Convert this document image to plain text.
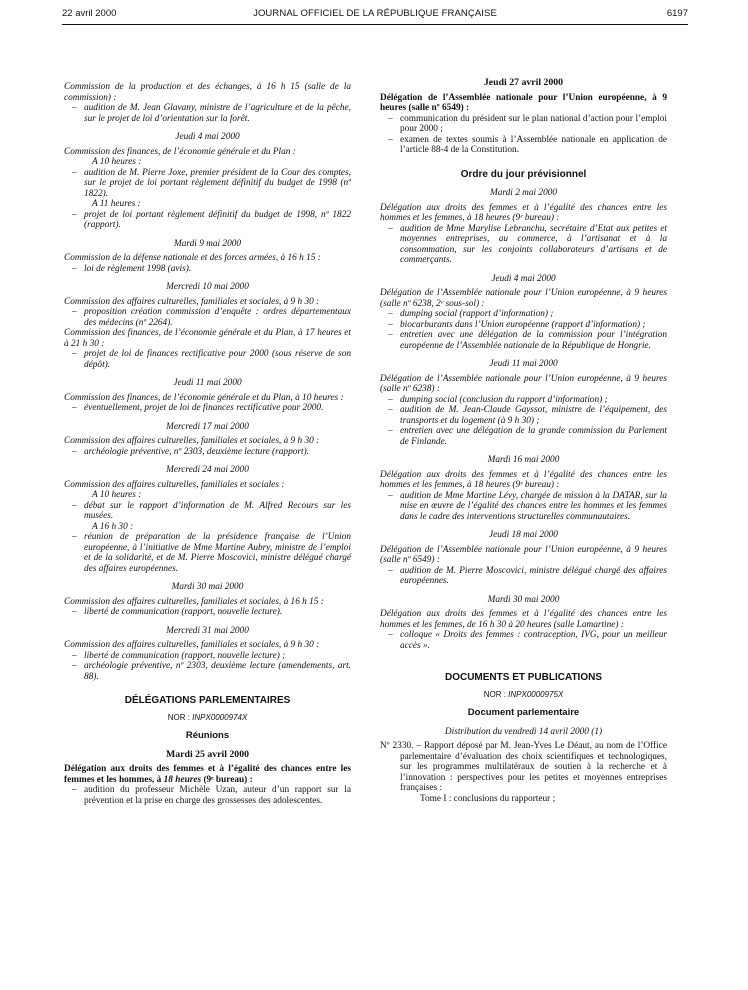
22 avril 2000	JOURNAL OFFICIEL DE LA RÉPUBLIQUE FRANÇAISE	6197
Commission de la production et des échanges, à 16 h 15 (salle de la commission) :
– audition de M. Jean Glavany, ministre de l’agriculture et de la pêche, sur le projet de loi d’orientation sur la forêt.
Jeudi 4 mai 2000
Commission des finances, de l’économie générale et du Plan :
A 10 heures :
– audition de M. Pierre Joxe, premier président de la Cour des comptes, sur le projet de loi portant règlement définitif du budget de 1998 (nº 1822).
A 11 heures :
– projet de loi portant règlement définitif du budget de 1998, nº 1822 (rapport).
Mardi 9 mai 2000
Commission de la défense nationale et des forces armées, à 16 h 15 :
– loi de règlement 1998 (avis).
Mercredi 10 mai 2000
Commission des affaires culturelles, familiales et sociales, à 9 h 30 :
– proposition création commission d’enquête : ordres départementaux des médecins (nº 2264).
Commission des finances, de l’économie générale et du Plan, à 17 heures et à 21 h 30 :
– projet de loi de finances rectificative pour 2000 (sous réserve de son dépôt).
Jeudi 11 mai 2000
Commission des finances, de l’économie générale et du Plan, à 10 heures :
– éventuellement, projet de loi de finances rectificative pour 2000.
Mercredi 17 mai 2000
Commission des affaires culturelles, familiales et sociales, à 9 h 30 :
– archéologie préventive, nº 2303, deuxième lecture (rapport).
Mercredi 24 mai 2000
Commission des affaires culturelles, familiales et sociales :
A 10 heures :
– débat sur le rapport d’information de M. Alfred Recours sur les musées.
A 16 h 30 :
– réunion de préparation de la présidence française de l’Union européenne, à l’initiative de Mme Martine Aubry, ministre de l’emploi et de la solidarité, et de M. Pierre Moscovici, ministre délégué chargé des affaires européennes.
Mardi 30 mai 2000
Commission des affaires culturelles, familiales et sociales, à 16 h 15 :
– liberté de communication (rapport, nouvelle lecture).
Mercredi 31 mai 2000
Commission des affaires culturelles, familiales et sociales, à 9 h 30 :
– liberté de communication (rapport, nouvelle lecture) ;
– archéologie préventive, nº 2303, deuxième lecture (amendements, art. 88).
DÉLÉGATIONS PARLEMENTAIRES
NOR : INPX0000974X
Réunions
Mardi 25 avril 2000
Délégation aux droits des femmes et à l’égalité des chances entre les femmes et les hommes, à 18 heures (9ᵉ bureau) :
– audition du professeur Michèle Uzan, auteur d’un rapport sur la prévention et la prise en charge des grossesses des adolescentes.
Jeudi 27 avril 2000
Délégation de l’Assemblée nationale pour l’Union européenne, à 9 heures (salle nº 6549) :
– communication du président sur le plan national d’action pour l’emploi pour 2000 ;
– examen de textes soumis à l’Assemblée nationale en application de l’article 88-4 de la Constitution.
Ordre du jour prévisionnel
Mardi 2 mai 2000
Délégation aux droits des femmes et à l’égalité des chances entre les hommes et les femmes, à 18 heures (9ᵉ bureau) :
– audition de Mme Marylise Lebranchu, secrétaire d’Etat aux petites et moyennes entreprises, au commerce, à l’artisanat et à la consommation, sur les conjoints collaborateurs d’artisans et de commerçants.
Jeudi 4 mai 2000
Délégation de l’Assemblée nationale pour l’Union européenne, à 9 heures (salle nº 6238, 2ᵉ sous-sol) :
– dumping social (rapport d’information) ;
– biocarburants dans l’Union européenne (rapport d’information) ;
– entretien avec une délégation de la commission pour l’intégration européenne de l’Assemblée nationale de la République de Hongrie.
Jeudi 11 mai 2000
Délégation de l’Assemblée nationale pour l’Union européenne, à 9 heures (salle nº 6238) :
– dumping social (conclusion du rapport d’information) ;
– audition de M. Jean-Claude Gayssot, ministre de l’équipement, des transports et du logement (à 9 h 30) ;
– entretien avec une délégation de la grande commission du Parlement de Finlande.
Mardi 16 mai 2000
Délégation aux droits des femmes et à l’égalité des chances entre les hommes et les femmes, à 18 heures (9ᵉ bureau) :
– audition de Mme Martine Lévy, chargée de mission à la DATAR, sur la mise en œuvre de l’égalité des chances entre les hommes et les femmes dans le cadre des interventions structurelles communautaires.
Jeudi 18 mai 2000
Délégation de l’Assemblée nationale pour l’Union européenne, à 9 heures (salle nº 6549) :
– audition de M. Pierre Moscovici, ministre délégué chargé des affaires européennes.
Mardi 30 mai 2000
Délégation aux droits des femmes et à l’égalité des chances entre les hommes et les femmes, de 16 h 30 à 20 heures (salle Lamartine) :
– colloque « Droits des femmes : contraception, IVG, pour un meilleur accès ».
DOCUMENTS ET PUBLICATIONS
NOR : INPX0000975X
Document parlementaire
Distribution du vendredi 14 avril 2000 (1)
Nº 2330. – Rapport déposé par M. Jean-Yves Le Déaut, au nom de l’Office parlementaire d’évaluation des choix scientifiques et technologiques, sur les programmes multilatéraux de soutien à la recherche et à l’innovation : perspectives pour les petites et moyennes entreprises françaises :
Tome I : conclusions du rapporteur ;
